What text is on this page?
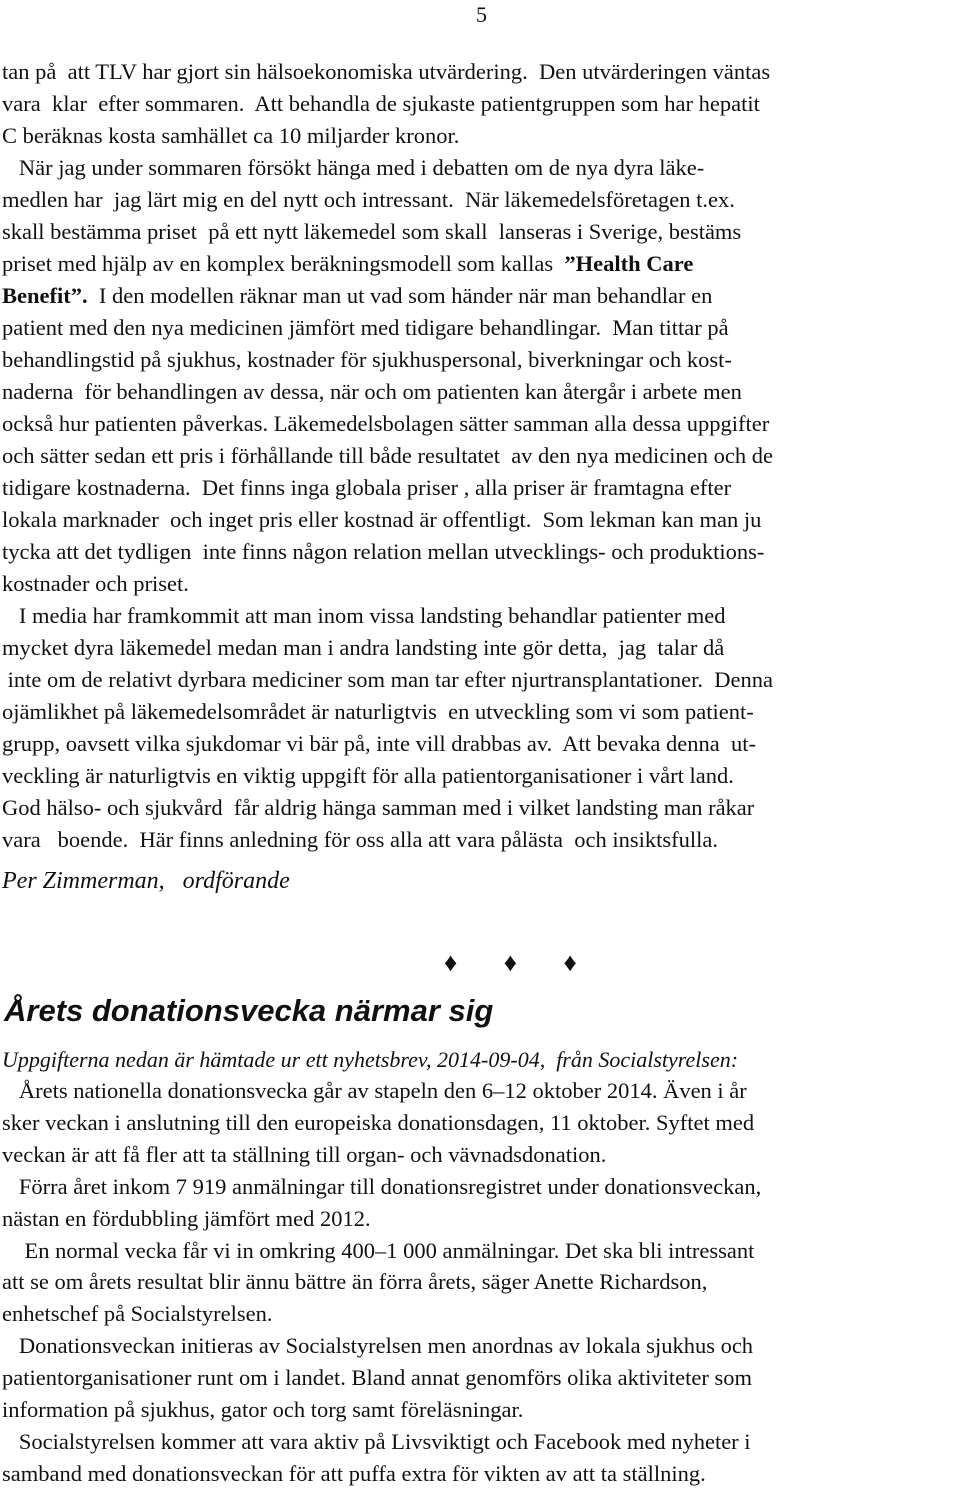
5
tan på  att TLV har gjort sin hälsoekonomiska utvärdering.  Den utvärderingen väntas
vara  klar  efter sommaren.  Att behandla de sjukaste patientgruppen som har hepatit
C beräknas kosta samhället ca 10 miljarder kronor.
När jag under sommaren försökt hänga med i debatten om de nya dyra läke-
medlen har  jag lärt mig en del nytt och intressant.  När läkemedelsföretagen t.ex.
skall bestämma priset  på ett nytt läkemedel som skall  lanseras i Sverige, bestäms
priset med hjälp av en komplex beräkningsmodell som kallas  ”Health Care
Benefit”.  I den modellen räknar man ut vad som händer när man behandlar en
patient med den nya medicinen jämfört med tidigare behandlingar.  Man tittar på
behandlingstid på sjukhus, kostnader för sjukhuspersonal, biverkningar och kost-
naderna  för behandlingen av dessa, när och om patienten kan återgår i arbete men
också hur patienten påverkas. Läkemedelsbolagen sätter samman alla dessa uppgifter
och sätter sedan ett pris i förhållande till både resultatet  av den nya medicinen och de
tidigare kostnaderna.  Det finns inga globala priser , alla priser är framtagna efter
lokala marknader  och inget pris eller kostnad är offentligt.  Som lekman kan man ju
tycka att det tydligen  inte finns någon relation mellan utvecklings- och produktions-
kostnader och priset.
I media har framkommit att man inom vissa landsting behandlar patienter med
mycket dyra läkemedel medan man i andra landsting inte gör detta,  jag  talar då
inte om de relativt dyrbara mediciner som man tar efter njurtransplantationer.  Denna
ojämlikhet på läkemedelsområdet är naturligtvis  en utveckling som vi som patient-
grupp, oavsett vilka sjukdomar vi bär på, inte vill drabbas av.  Att bevaka denna  ut-
veckling är naturligtvis en viktig uppgift för alla patientorganisationer i vårt land.
God hälso- och sjukvård  får aldrig hänga samman med i vilket landsting man råkar
vara   boende.  Här finns anledning för oss alla att vara pålästa  och insiktsfulla.
Per Zimmerman,   ordförande
♦ ♦ ♦
Årets donationsvecka närmar sig
Uppgifterna nedan är hämtade ur ett nyhetsbrev, 2014-09-04,  från Socialstyrelsen:
Årets nationella donationsvecka går av stapeln den 6–12 oktober 2014. Även i år
sker veckan i anslutning till den europeiska donationsdagen, 11 oktober. Syftet med
veckan är att få fler att ta ställning till organ- och vävnadsdonation.
Förra året inkom 7 919 anmälningar till donationsregistret under donationsveckan,
nästan en fördubbling jämfört med 2012.
En normal vecka får vi in omkring 400–1 000 anmälningar. Det ska bli intressant
att se om årets resultat blir ännu bättre än förra årets, säger Anette Richardson,
enhetschef på Socialstyrelsen.
Donationsveckan initieras av Socialstyrelsen men anordnas av lokala sjukhus och
patientorganisationer runt om i landet. Bland annat genomförs olika aktiviteter som
information på sjukhus, gator och torg samt föreläsningar.
Socialstyrelsen kommer att vara aktiv på Livsviktigt och Facebook med nyheter i
samband med donationsveckan för att puffa extra för vikten av att ta ställning.
